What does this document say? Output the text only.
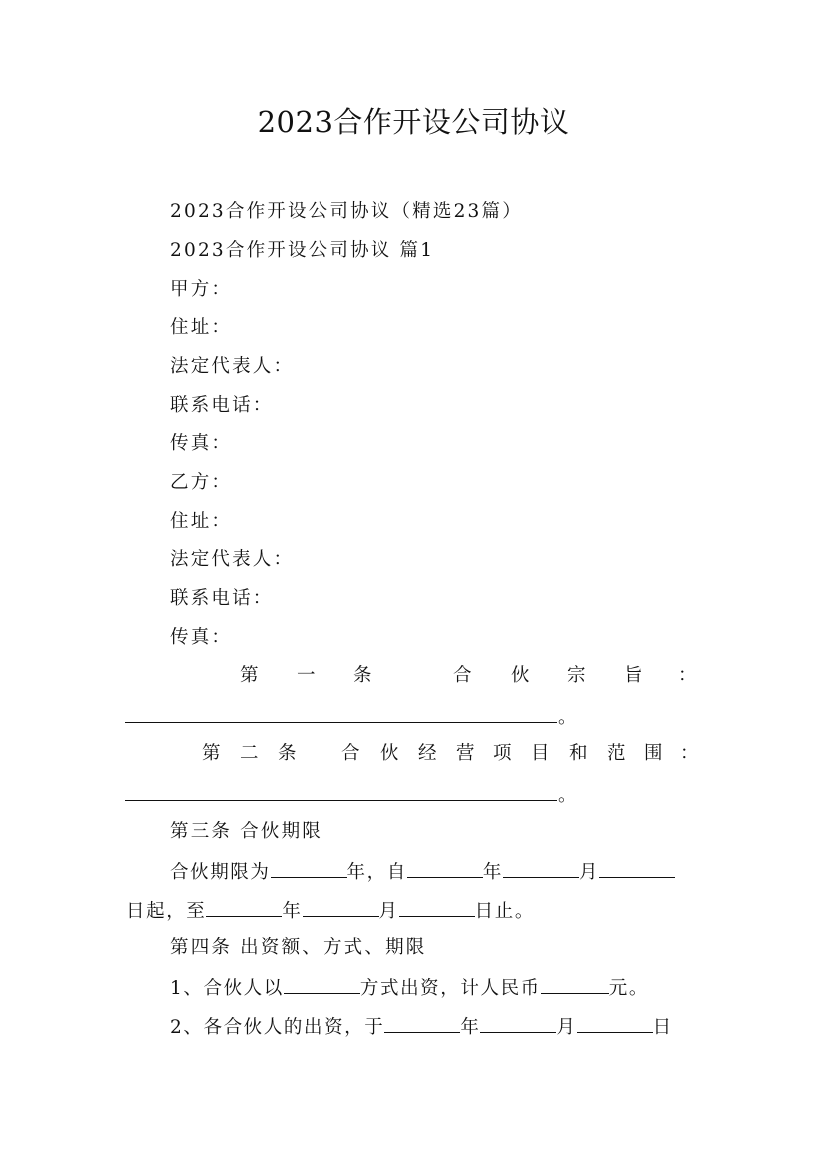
2023合作开设公司协议
2023合作开设公司协议（精选23篇）
2023合作开设公司协议 篇1
甲方：
住址：
法定代表人：
联系电话：
传真：
乙方：
住址：
法定代表人：
联系电话：
传真：
第 一 条	合 伙 宗 旨 ：
。
第 二 条 合 伙 经 营 项 目 和 范 围 ：
。
第三条 合伙期限
合伙期限为	年，自	年	月
日起，至	年	月	日止。
第四条 出资额、方式、期限
1、合伙人以	方式出资，计人民币	元。
2、各合伙人的出资，于	年	月	日
